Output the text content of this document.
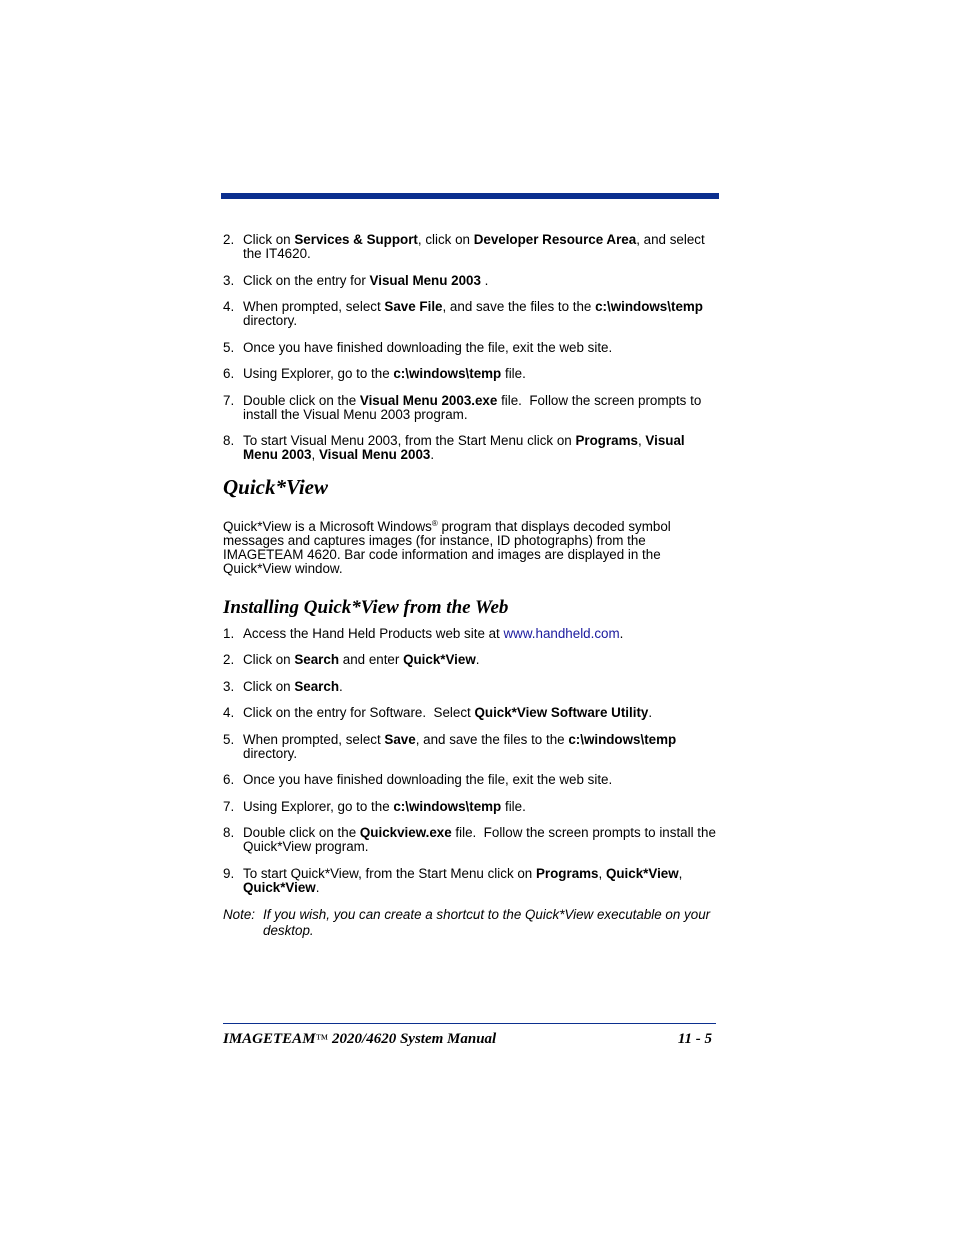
2. Click on Services & Support, click on Developer Resource Area, and select the IT4620.
3. Click on the entry for Visual Menu 2003 .
4. When prompted, select Save File, and save the files to the c:\windows\temp directory.
5. Once you have finished downloading the file, exit the web site.
6. Using Explorer, go to the c:\windows\temp file.
7. Double click on the Visual Menu 2003.exe file.  Follow the screen prompts to install the Visual Menu 2003 program.
8. To start Visual Menu 2003, from the Start Menu click on Programs, Visual Menu 2003, Visual Menu 2003.
Quick*View

Quick*View is a Microsoft Windows® program that displays decoded symbol messages and captures images (for instance, ID photographs) from the IMAGETEAM 4620. Bar code information and images are displayed in the Quick*View window.

Installing Quick*View from the Web
1. Access the Hand Held Products web site at www.handheld.com.
2. Click on Search and enter Quick*View.
3. Click on Search.
4. Click on the entry for Software.  Select Quick*View Software Utility.
5. When prompted, select Save, and save the files to the c:\windows\temp directory.
6. Once you have finished downloading the file, exit the web site.
7. Using Explorer, go to the c:\windows\temp file.
8. Double click on the Quickview.exe file.  Follow the screen prompts to install the Quick*View program.
9. To start Quick*View, from the Start Menu click on Programs, Quick*View, Quick*View.
Note: If you wish, you can create a shortcut to the Quick*View executable on your desktop.
IMAGETEAM™ 2020/4620 System Manual	11 - 5
